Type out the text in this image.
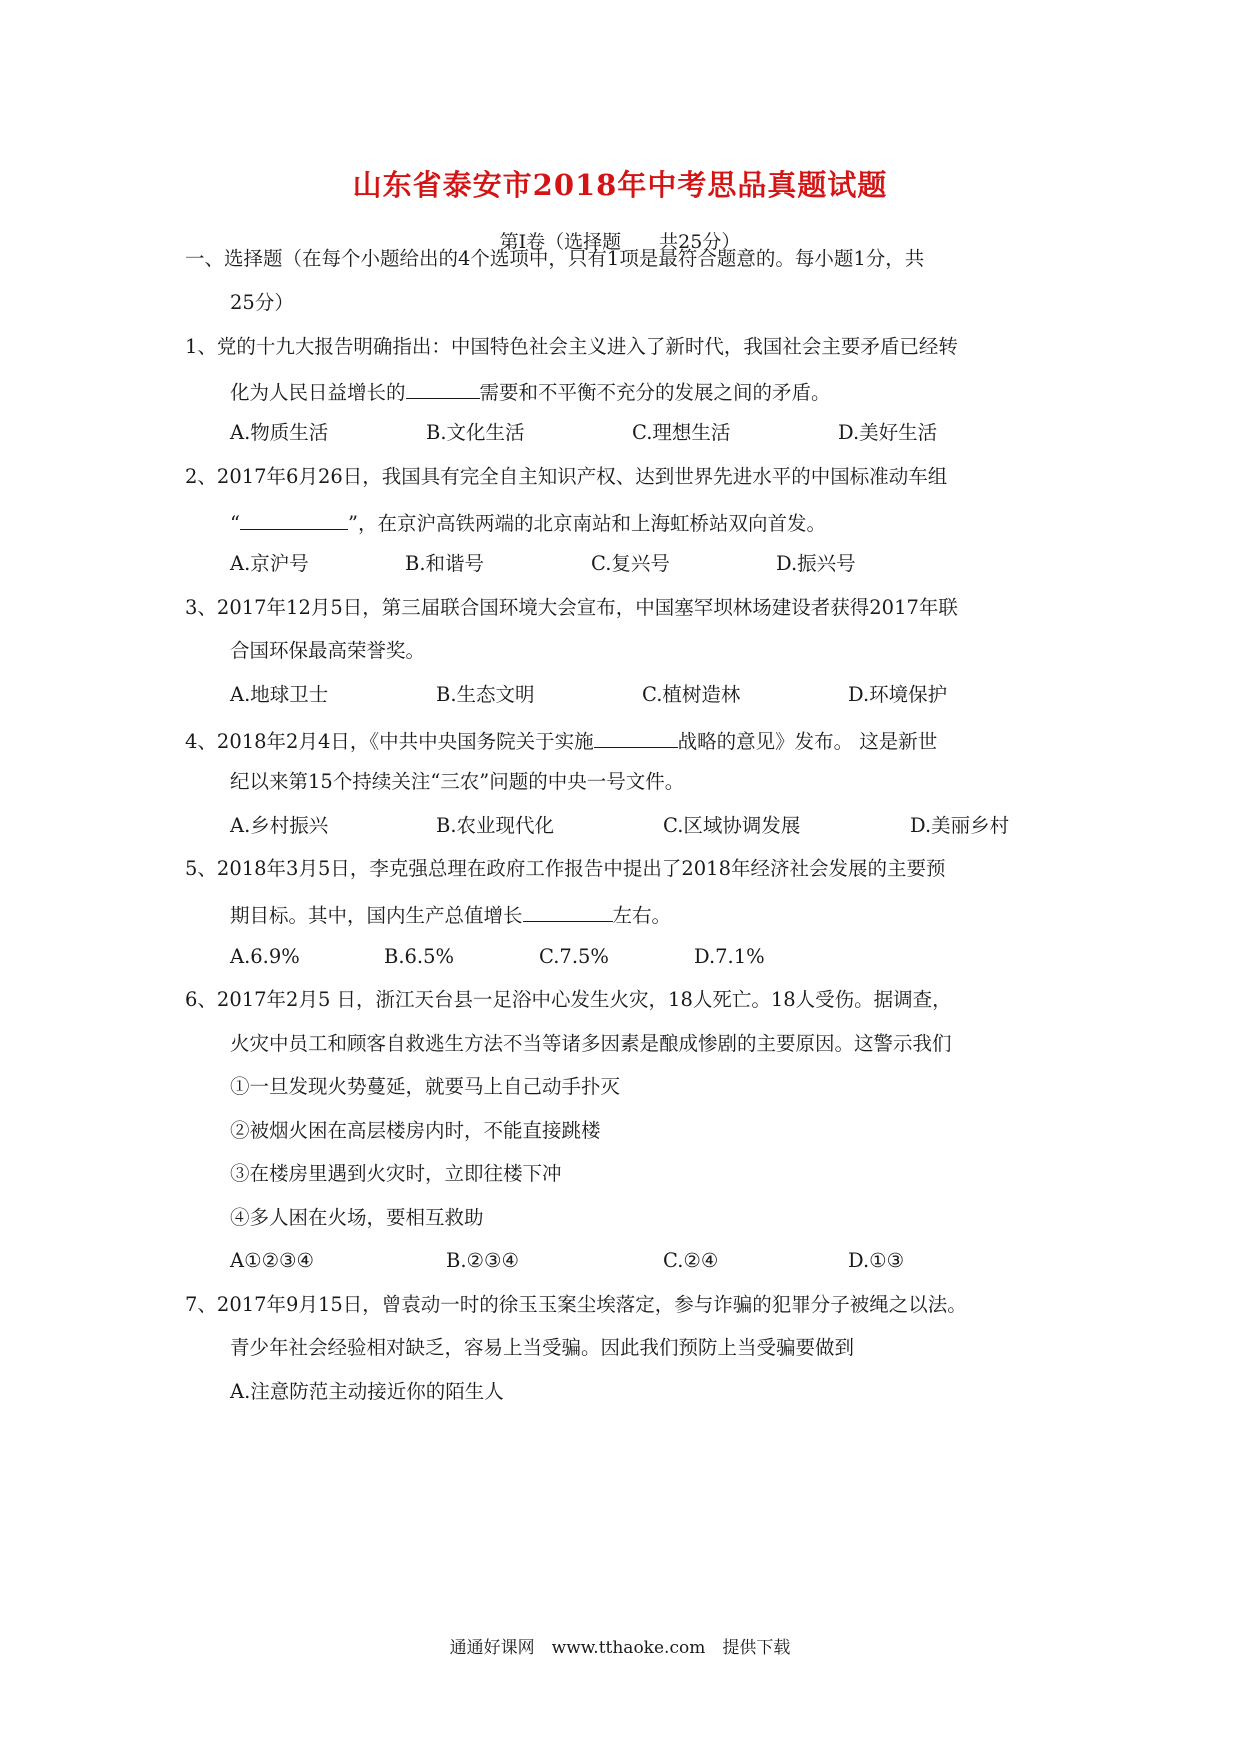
山东省泰安市2018年中考思品真题试题
第Ⅰ卷（选择题　　共25分）
一、选择题（在每个小题给出的4个选项中，只有1项是最符合题意的。每小题1分，共
25分）
1、党的十九大报告明确指出：中国特色社会主义进入了新时代，我国社会主要矛盾已经转
化为人民日益增长的	需要和不平衡不充分的发展之间的矛盾。
A.物质生活	B.文化生活	C.理想生活	D.美好生活
2、2017年6月26日，我国具有完全自主知识产权、达到世界先进水平的中国标准动车组
“	”，在京沪高铁两端的北京南站和上海虹桥站双向首发。
A.京沪号	B.和谐号	C.复兴号	D.振兴号
3、2017年12月5日，第三届联合国环境大会宣布，中国塞罕坝林场建设者获得2017年联
合国环保最高荣誉奖。
A.地球卫士	B.生态文明	C.植树造林	D.环境保护
4、2018年2月4日，《中共中央国务院关于实施	战略的意见》发布。 这是新世
纪以来第15个持续关注“三农”问题的中央一号文件。
A.乡村振兴	B.农业现代化	C.区域协调发展	D.美丽乡村
5、2018年3月5日，李克强总理在政府工作报告中提出了2018年经济社会发展的主要预
期目标。其中，国内生产总值增长	左右。
A.6.9%	B.6.5%	C.7.5%	D.7.1%
6、2017年2月5 日，浙江天台县一足浴中心发生火灾，18人死亡。18人受伤。据调查，
火灾中员工和顾客自救逃生方法不当等诸多因素是酿成惨剧的主要原因。这警示我们
①一旦发现火势蔓延，就要马上自己动手扑灭
②被烟火困在高层楼房内时，不能直接跳楼
③在楼房里遇到火灾时，立即往楼下冲
④多人困在火场，要相互救助
A①②③④	B.②③④	C.②④	D.①③
7、2017年9月15日，曾袁动一时的徐玉玉案尘埃落定，参与诈骗的犯罪分子被绳之以法。
青少年社会经验相对缺乏，容易上当受骗。因此我们预防上当受骗要做到
A.注意防范主动接近你的陌生人
通通好课网　www.tthaoke.com　提供下载
